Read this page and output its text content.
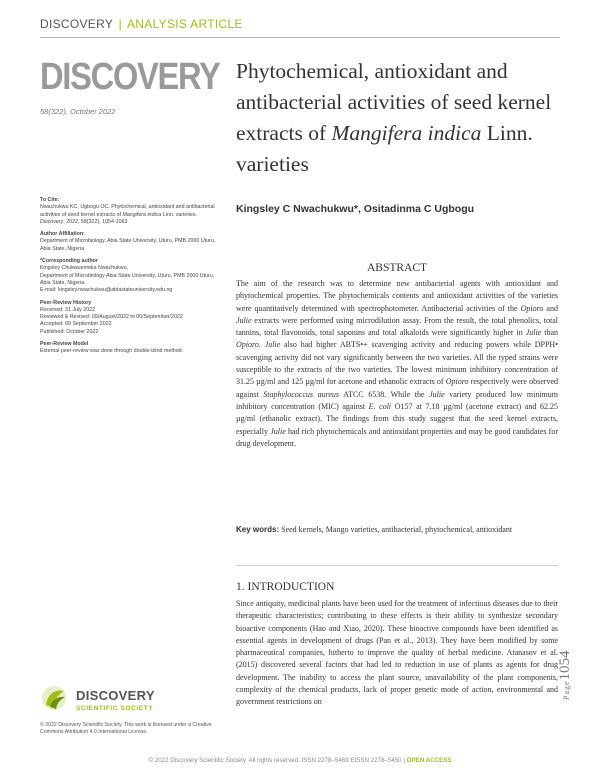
DISCOVERY | ANALYSIS ARTICLE
DISCOVERY
58(322), October 2022
Phytochemical, antioxidant and antibacterial activities of seed kernel extracts of Mangifera indica Linn. varieties
Kingsley C Nwachukwu*, Ositadinma C Ugbogu
To Cite:
Nwachukwu KC, Ugbogu OC. Phytochemical, antioxidant and antibacterial activities of seed kernel extracts of Mangifera indica Linn. varieties. Discovery, 2022, 58(322), 1054-1063
Author Affiliation:
Department of Microbiology, Abia State University, Uturu, PMB 2000 Uturu, Abia State, Nigeria
*Corresponding author
Kingsley Chukwuemeka Nwachukwu,
Department of Microbiology Abia State University, Uturu, PMB 2000 Uturu, Abia State, Nigeria.
E-mail: kingsley.nwachukwu@abiastateuniversity.edu.ng
Peer-Review History
Received: 31 July 2022
Reviewed & Revised: 09/August/2022 to 06/September/2022
Accepted: 09 September 2022
Published: October 2022
Peer-Review Model
External peer-review was done through double-blind method.
ABSTRACT
The aim of the research was to determine new antibacterial agents with antioxidant and phytochemical properties. The phytochemicals contents and antioxidant activities of the varieties were quantitatively determined with spectrophotometer. Antibacterial activities of the Opioro and Julie extracts were performed using microdilution assay. From the result, the total phenolics, total tannins, total flavonoids, total saponins and total alkaloids were significantly higher in Julie than Opioro. Julie also had higher ABTS•+ scavenging activity and reducing powers while DPPH• scavenging activity did not vary significantly between the two varieties. All the typed strains were susceptible to the extracts of the two varieties. The lowest minimum inhibitory concentration of 31.25 µg/ml and 125 µg/ml for acetone and ethanolic extracts of Opioro respectively were observed against Staphylococcus aureus ATCC 6538. While the Julie variety produced low minimum inhibitory concentration (MIC) against E. coli O157 at 7.18 µg/ml (acetone extract) and 62.25 µg/ml (ethanolic extract). The findings from this study suggest that the seed kernel extracts, especially Julie had rich phytochemicals and antioxidant properties and may be good candidates for drug development.
Key words: Seed kernels, Mango varieties, antibacterial, phytochemical, antioxidant
1. INTRODUCTION
Since antiquity, medicinal plants have been used for the treatment of infectious diseases due to their therapeutic characteristics; contributing to these effects is their ability to synthesize secondary bioactive components (Hao and Xiao, 2020). These bioactive compounds have been identified as essential agents in development of drugs (Pan et al., 2013). They have been modified by some pharmaceutical companies, hitherto to improve the quality of herbal medicine. Atanasov et al. (2015) discovered several factors that had led to reduction in use of plants as agents for drug development. The inability to access the plant source, unavailability of the plant components, complexity of the chemical products, lack of proper genetic mode of action, environmental and government restrictions on
Page1054
DISCOVERY
SCIENTIFIC SOCIETY
© 2022 Discovery Scientific Society. This work is licensed under a Creative Commons Attribution 4.0 International License.
© 2022 Discovery Scientific Society. All rights reserved. ISSN 2278–5469 EISSN 2278–5450 | OPEN ACCESS
